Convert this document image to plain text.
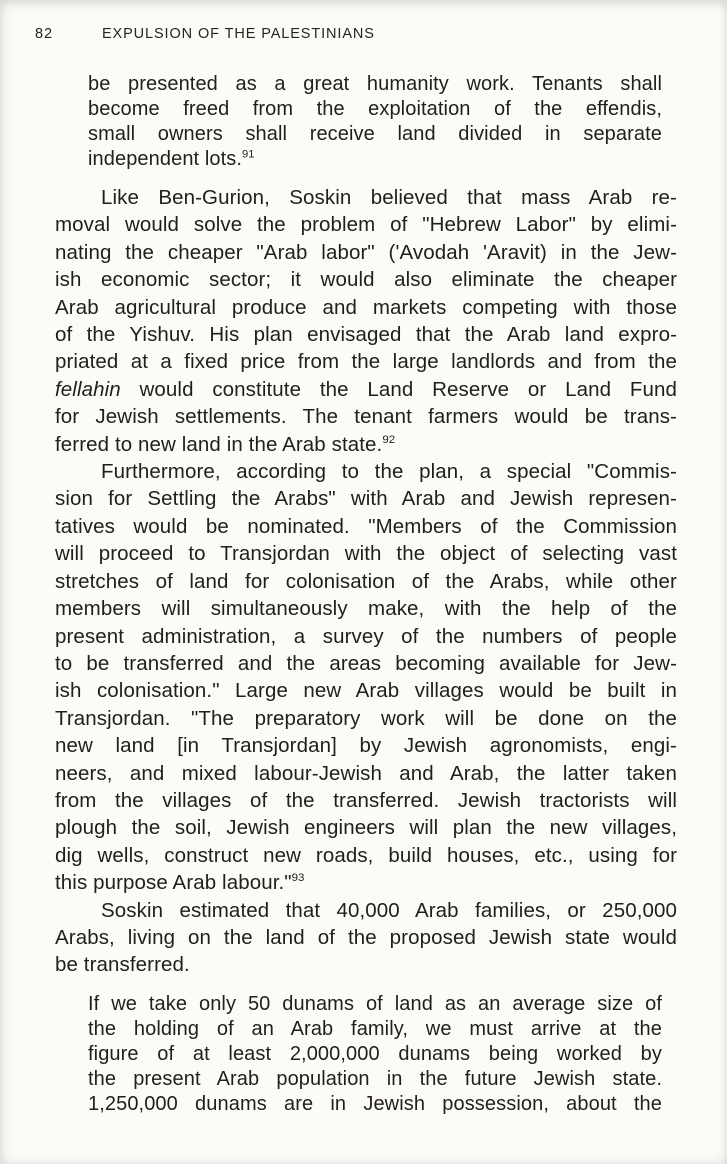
82	EXPULSION OF THE PALESTINIANS
be presented as a great humanity work. Tenants shall
become freed from the exploitation of the effendis,
small owners shall receive land divided in separate
independent lots.$^{91}$
Like Ben-Gurion, Soskin believed that mass Arab re-
moval would solve the problem of "Hebrew Labor" by elimi-
nating the cheaper "Arab labor" ('Avodah 'Aravit) in the Jew-
ish economic sector; it would also eliminate the cheaper
Arab agricultural produce and markets competing with those
of the Yishuv. His plan envisaged that the Arab land expro-
priated at a fixed price from the large landlords and from the
fellahin would constitute the Land Reserve or Land Fund
for Jewish settlements. The tenant farmers would be trans-
ferred to new land in the Arab state.$^{92}$
Furthermore, according to the plan, a special "Commis-
sion for Settling the Arabs" with Arab and Jewish represen-
tatives would be nominated. "Members of the Commission
will proceed to Transjordan with the object of selecting vast
stretches of land for colonisation of the Arabs, while other
members will simultaneously make, with the help of the
present administration, a survey of the numbers of people
to be transferred and the areas becoming available for Jew-
ish colonisation." Large new Arab villages would be built in
Transjordan. "The preparatory work will be done on the
new land [in Transjordan] by Jewish agronomists, engi-
neers, and mixed labour-Jewish and Arab, the latter taken
from the villages of the transferred. Jewish tractorists will
plough the soil, Jewish engineers will plan the new villages,
dig wells, construct new roads, build houses, etc., using for
this purpose Arab labour."$^{93}$
Soskin estimated that 40,000 Arab families, or 250,000
Arabs, living on the land of the proposed Jewish state would
be transferred.
If we take only 50 dunams of land as an average size of
the holding of an Arab family, we must arrive at the
figure of at least 2,000,000 dunams being worked by
the present Arab population in the future Jewish state.
1,250,000 dunams are in Jewish possession, about the
